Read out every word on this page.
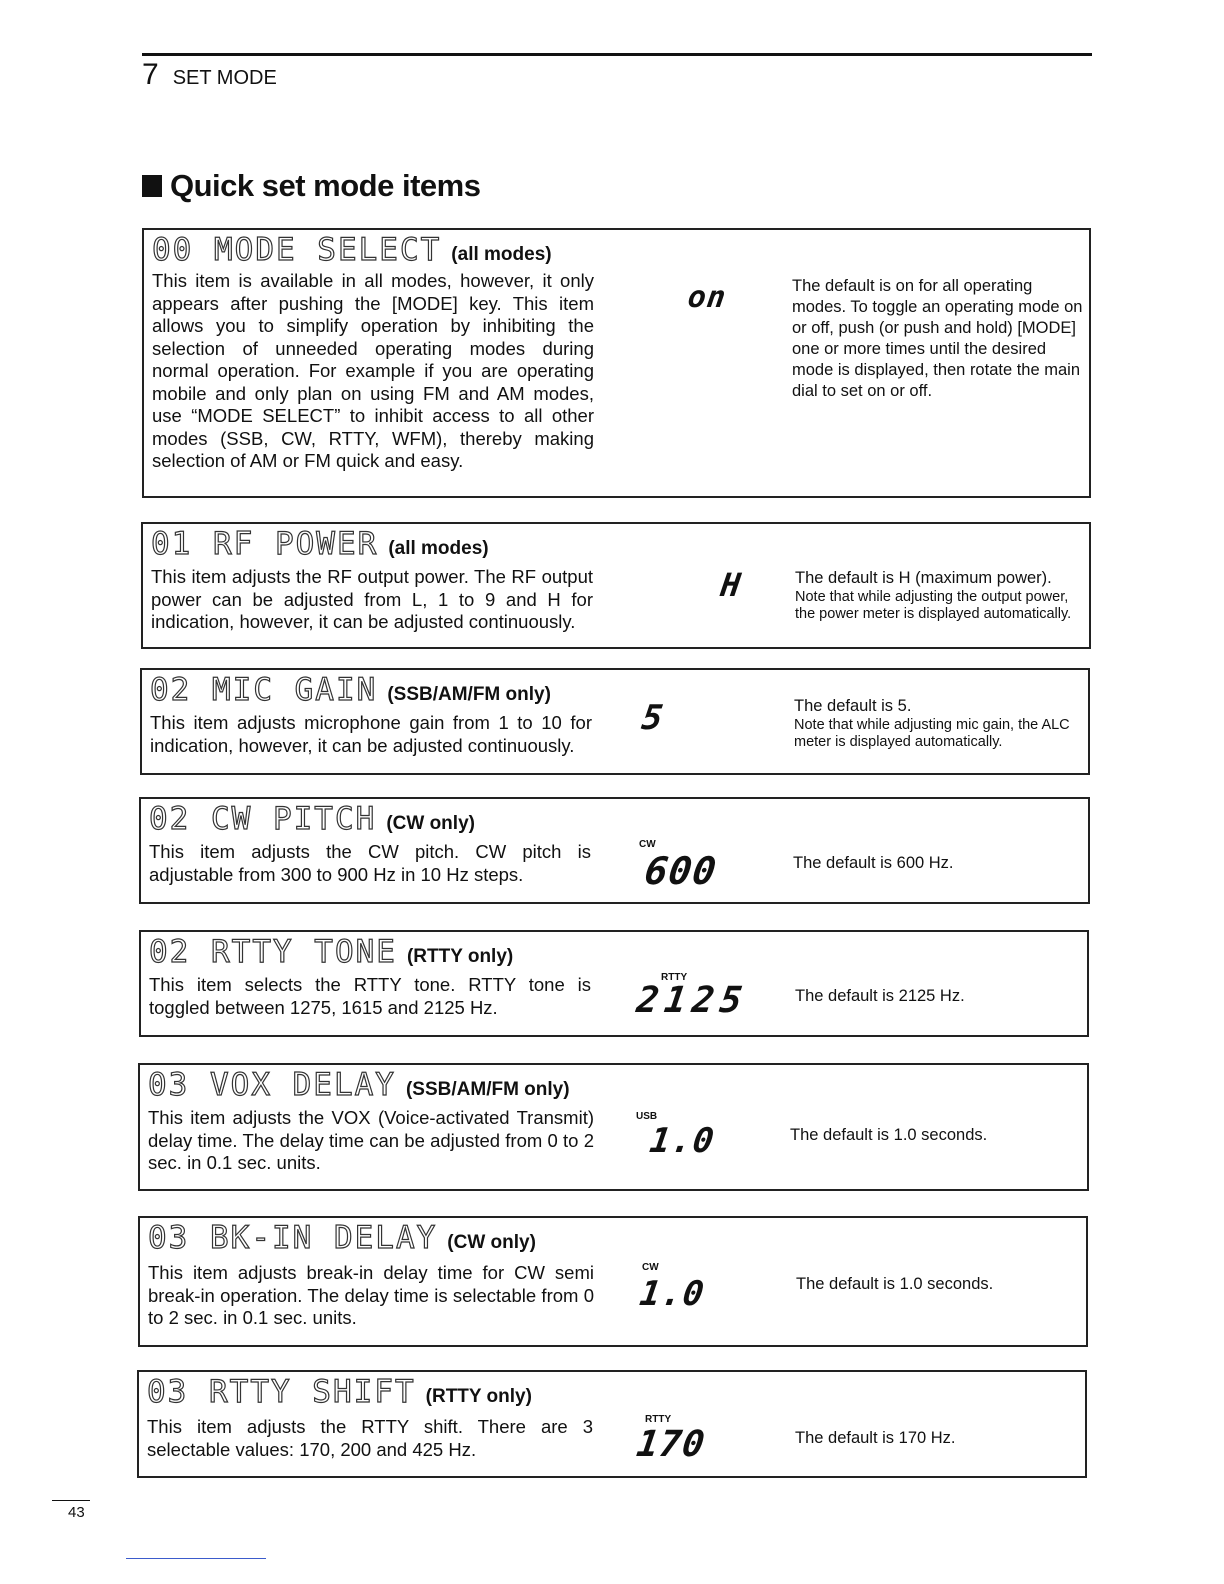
7 SET MODE
Quick set mode items
00 MODE SELECT (all modes)
This item is available in all modes, however, it only appears after pushing the [MODE] key. This item allows you to simplify operation by inhibiting the selection of unneeded operating modes during normal operation. For example if you are operating mobile and only plan on using FM and AM modes, use “MODE SELECT” to inhibit access to all other modes (SSB, CW, RTTY, WFM), thereby making selection of AM or FM quick and easy.
on	The default is on for all operating modes. To toggle an operating mode on or off, push (or push and hold) [MODE] one or more times until the desired mode is displayed, then rotate the main dial to set on or off.
01 RF POWER (all modes)
This item adjusts the RF output power. The RF output power can be adjusted from L, 1 to 9 and H for indication, however, it can be adjusted continuously.
H	The default is H (maximum power).
Note that while adjusting the output power, the power meter is displayed automatically.
02 MIC GAIN (SSB/AM/FM only)
This item adjusts microphone gain from 1 to 10 for indication, however, it can be adjusted continuously.
5	The default is 5.
Note that while adjusting mic gain, the ALC meter is displayed automatically.
02 CW PITCH (CW only)
This item adjusts the CW pitch. CW pitch is adjustable from 300 to 900 Hz in 10 Hz steps.
CW
600	The default is 600 Hz.
02 RTTY TONE (RTTY only)
This item selects the RTTY tone. RTTY tone is toggled between 1275, 1615 and 2125 Hz.
RTTY
2125	The default is 2125 Hz.
03 VOX DELAY (SSB/AM/FM only)
This item adjusts the VOX (Voice-activated Transmit) delay time. The delay time can be adjusted from 0 to 2 sec. in 0.1 sec. units.
USB
1.0	The default is 1.0 seconds.
03 BK-IN DELAY (CW only)
This item adjusts break-in delay time for CW semi break-in operation. The delay time is selectable from 0 to 2 sec. in 0.1 sec. units.
CW
1.0	The default is 1.0 seconds.
03 RTTY SHIFT (RTTY only)
This item adjusts the RTTY shift. There are 3 selectable values: 170, 200 and 425 Hz.
RTTY
170	The default is 170 Hz.
43
